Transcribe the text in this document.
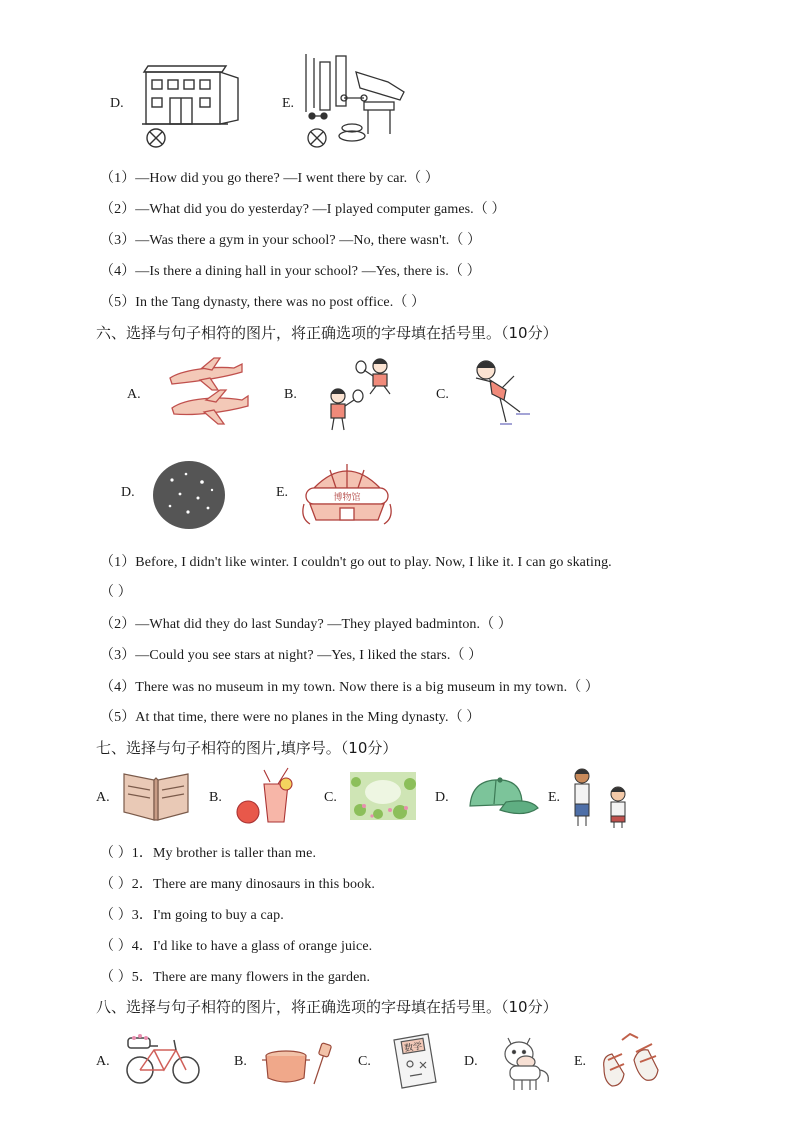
D.	E.
（1）—How did you go there? —I went there by car.（ ）
（2）—What did you do yesterday? —I played computer games.（ ）
（3）—Was there a gym in your school? —No, there wasn't.（ ）
（4）—Is there a dining hall in your school? —Yes, there is.（ ）
（5）In the Tang dynasty, there was no post office.（ ）
六、选择与句子相符的图片，将正确选项的字母填在括号里。（10分）
A.	B.	C.
D.	E.	博物馆
（1）Before, I didn't like winter. I couldn't go out to play. Now, I like it. I can go skating.
（ ）
（2）—What did they do last Sunday? —They played badminton.（ ）
（3）—Could you see stars at night? —Yes, I liked the stars.（ ）
（4）There was no museum in my town. Now there is a big museum in my town.（ ）
（5）At that time, there were no planes in the Ming dynasty.（ ）
七、选择与句子相符的图片,填序号。（10分）
A.	B.	C.	D.	E.
（ ）1．My brother is taller than me.
（ ）2．There are many dinosaurs in this book.
（ ）3．I'm going to buy a cap.
（ ）4．I'd like to have a glass of orange juice.
（ ）5．There are many flowers in the garden.
八、选择与句子相符的图片，将正确选项的字母填在括号里。（10分）
A.	B.	C.
数学
D.	E.
